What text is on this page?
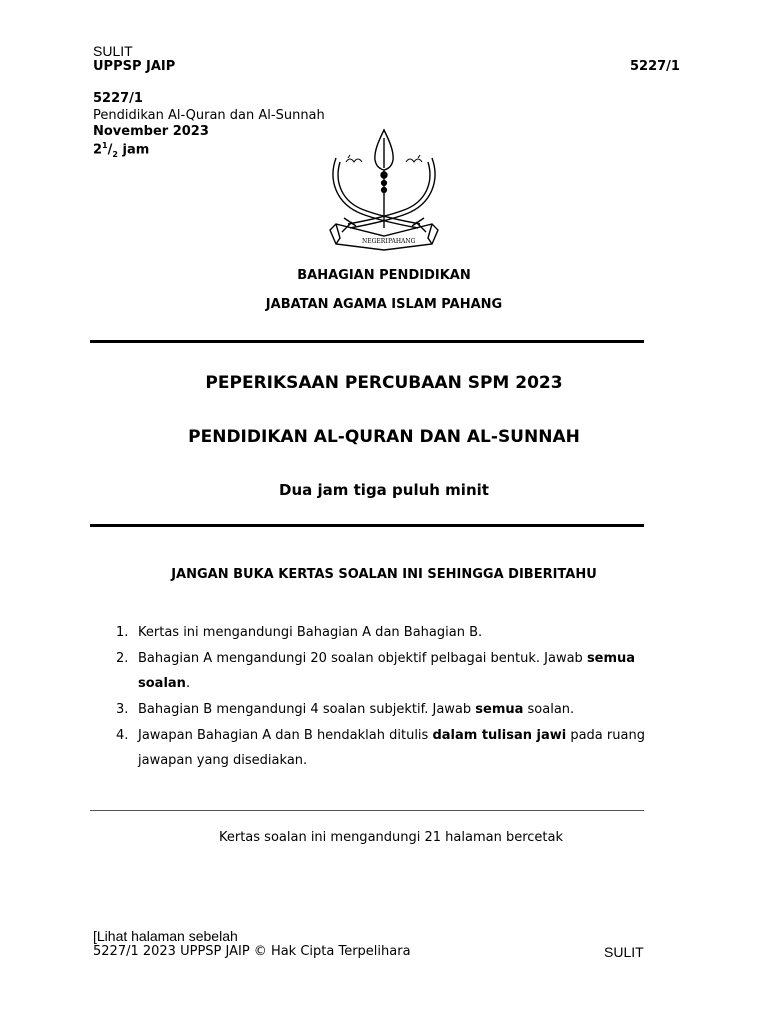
SULIT
UPPSP JAIP	5227/1
5227/1
Pendidikan Al-Quran dan Al-Sunnah
November 2023
$2^1/_2$ jam
NEGERI PAHANG
BAHAGIAN PENDIDIKAN
JABATAN AGAMA ISLAM PAHANG
PEPERIKSAAN PERCUBAAN SPM 2023
PENDIDIKAN AL-QURAN DAN AL-SUNNAH
Dua jam tiga puluh minit
JANGAN BUKA KERTAS SOALAN INI SEHINGGA DIBERITAHU
1. Kertas ini mengandungi Bahagian A dan Bahagian B.
2. Bahagian A mengandungi 20 soalan objektif pelbagai bentuk. Jawab semua
soalan.
3. Bahagian B mengandungi 4 soalan subjektif. Jawab semua soalan.
4. Jawapan Bahagian A dan B hendaklah ditulis dalam tulisan jawi pada ruang
jawapan yang disediakan.
Kertas soalan ini mengandungi 21 halaman bercetak
[Lihat halaman sebelah
5227/1 2023 UPPSP JAIP © Hak Cipta Terpelihara	SULIT
